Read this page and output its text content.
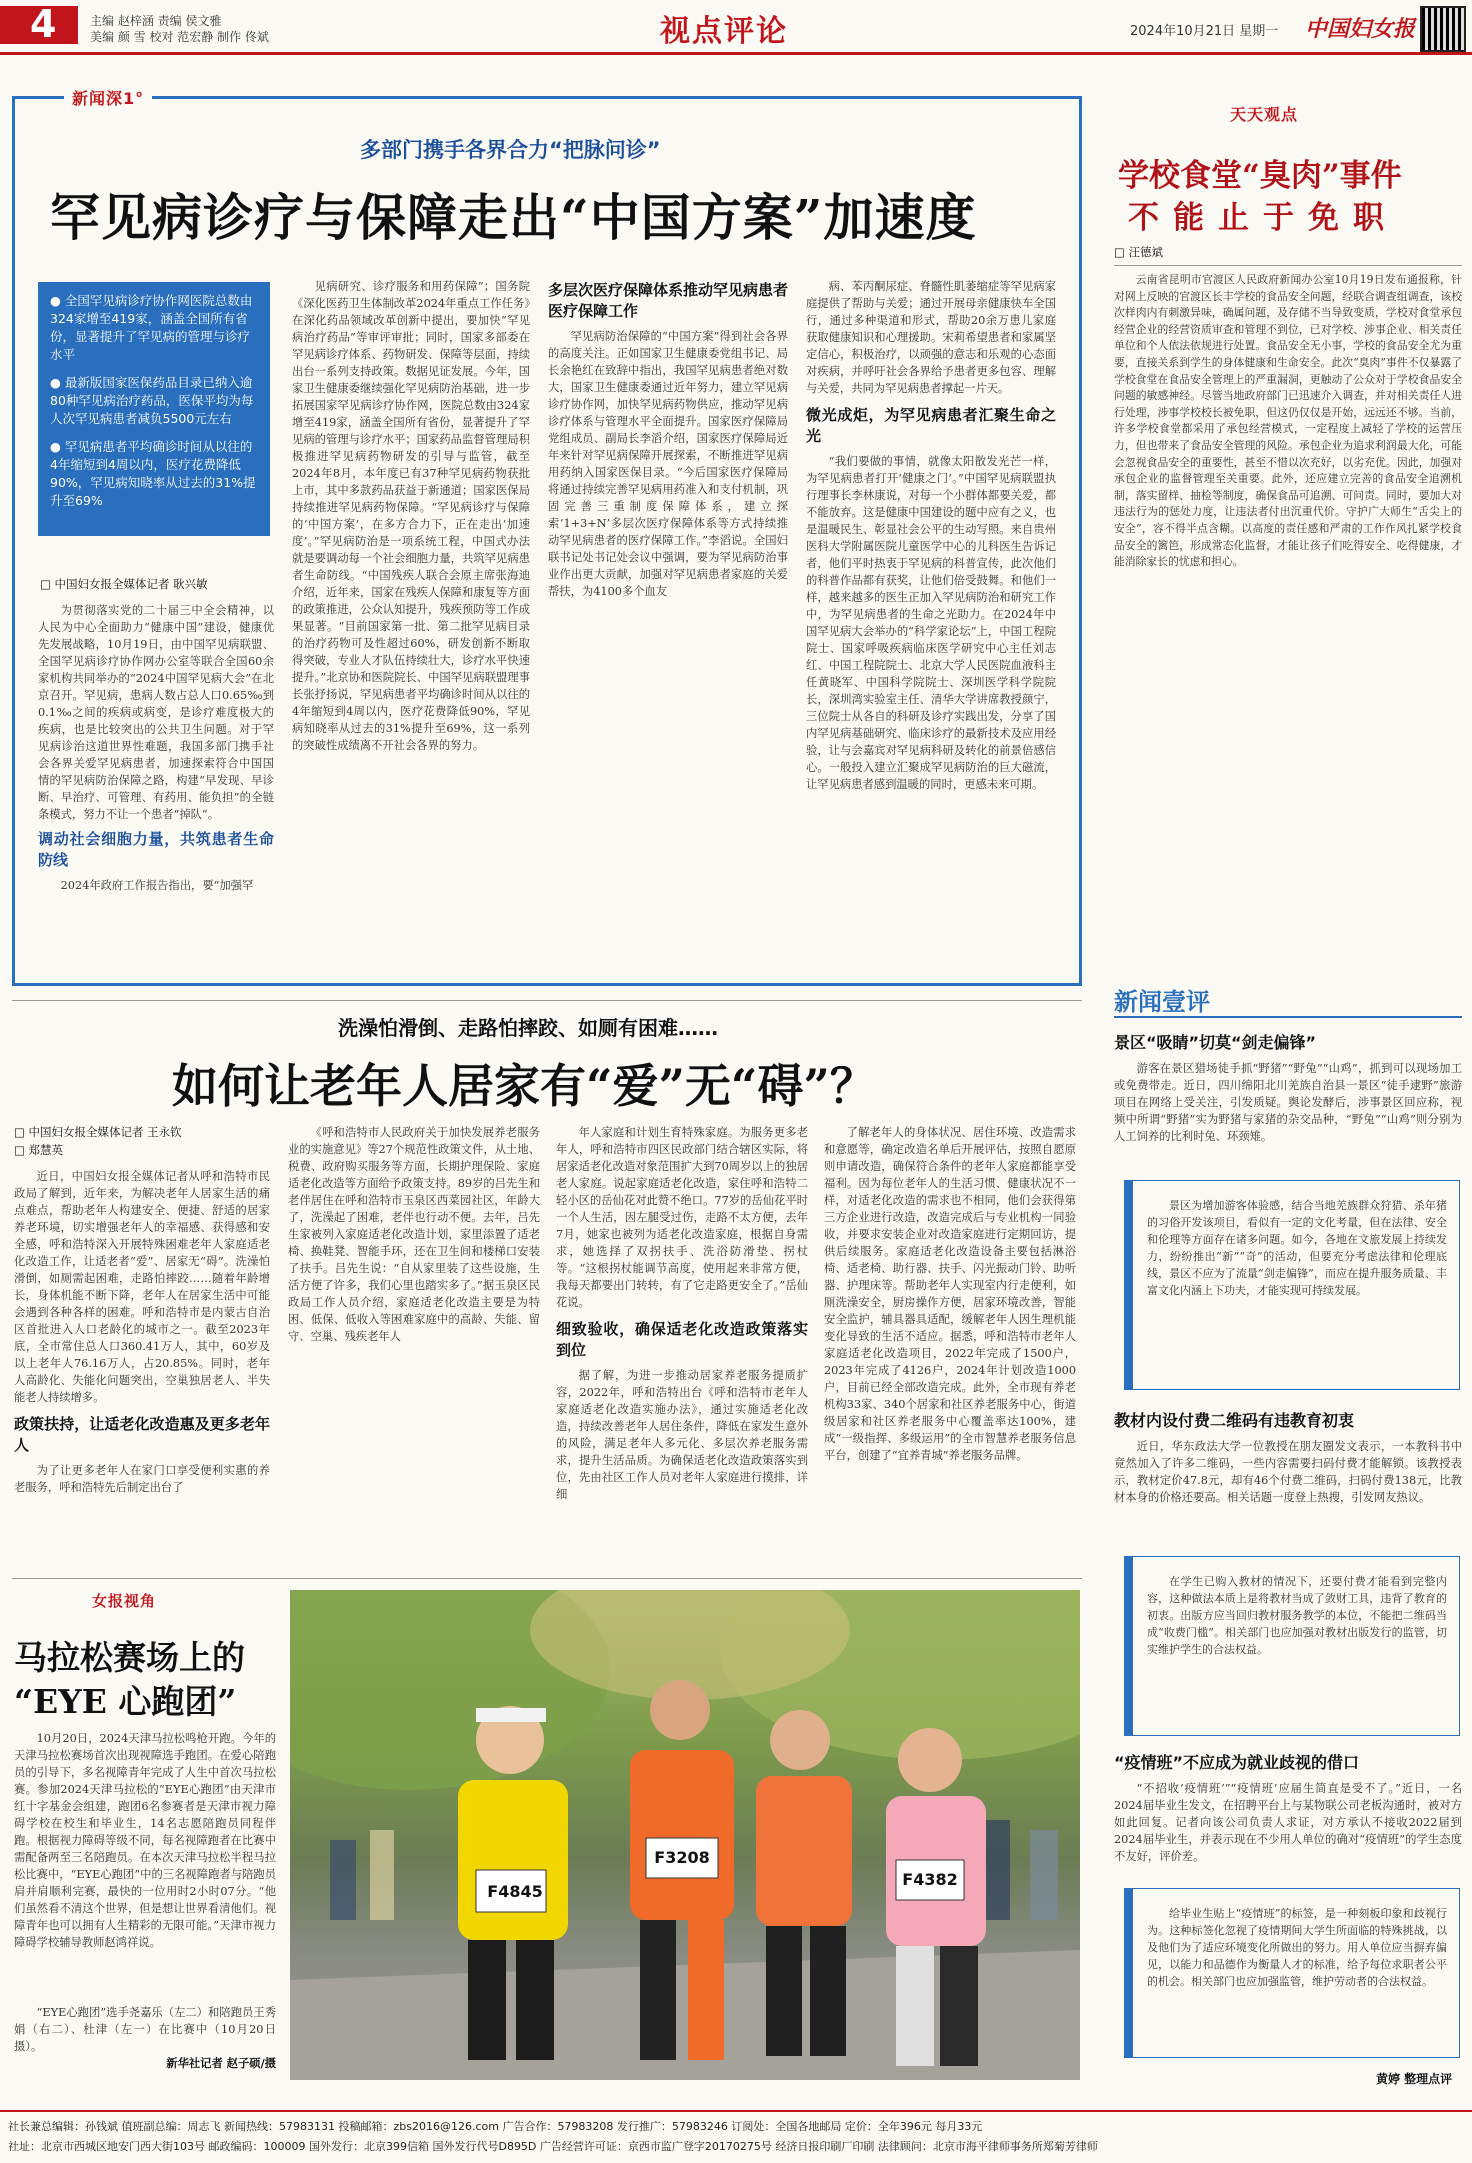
4	主编 赵梓涵 责编 侯文雅
美编 颜 雪 校对 范宏静 制作 佟斌	视点评论	2024年10月21日 星期一 中国妇女报
新闻深1°
多部门携手各界合力“把脉问诊”
罕见病诊疗与保障走出“中国方案”加速度
● 全国罕见病诊疗协作网医院总数由324家增至419家，涵盖全国所有省份，显著提升了罕见病的管理与诊疗水平
● 最新版国家医保药品目录已纳入逾80种罕见病治疗药品，医保平均为每人次罕见病患者减负5500元左右
● 罕见病患者平均确诊时间从以往的4年缩短到4周以内，医疗花费降低90%，罕见病知晓率从过去的31%提升至69%
□ 中国妇女报全媒体记者 耿兴敏

为贯彻落实党的二十届三中全会精神，以人民为中心全面助力“健康中国”建设，健康优先发展战略，10月19日，由中国罕见病联盟、全国罕见病诊疗协作网办公室等联合全国60余家机构共同举办的“2024中国罕见病大会”在北京召开。罕见病，患病人数占总人口0.65‰到0.1‰之间的疾病或病变，是诊疗难度极大的疾病，也是比较突出的公共卫生问题。对于罕见病诊治这道世界性难题，我国多部门携手社会各界关爱罕见病患者，加速探索符合中国国情的罕见病防治保障之路，构建“早发现、早诊断、早治疗、可管理、有药用、能负担”的全链条模式，努力不让一个患者“掉队”。

调动社会细胞力量，共筑患者生命防线

2024年政府工作报告指出，要“加强罕

见病研究、诊疗服务和用药保障”；国务院《深化医药卫生体制改革2024年重点工作任务》在深化药品领域改革创新中提出，要加快“罕见病治疗药品”等审评审批；同时，国家多部委在罕见病诊疗体系、药物研发、保障等层面，持续出台一系列支持政策。数据见证发展。今年，国家卫生健康委继续强化罕见病防治基础，进一步拓展国家罕见病诊疗协作网，医院总数由324家增至419家，涵盖全国所有省份，显著提升了罕见病的管理与诊疗水平；国家药品监督管理局积极推进罕见病药物研发的引导与监管，截至2024年8月，本年度已有37种罕见病药物获批上市，其中多款药品获益于新通道；国家医保局持续推进罕见病药物保障。“罕见病诊疗与保障的‘中国方案’，在多方合力下，正在走出‘加速度’。”罕见病防治是一项系统工程，中国式办法就是要调动每一个社会细胞力量，共筑罕见病患者生命防线。“中国残疾人联合会原主席张海迪介绍，近年来，国家在残疾人保障和康复等方面的政策推进，公众认知提升，残疾预防等工作成果显著。“目前国家第一批、第二批罕见病目录的治疗药物可及性超过60%，研发创新不断取得突破，专业人才队伍持续壮大，诊疗水平快速提升。”北京协和医院院长、中国罕见病联盟理事长张抒扬说，罕见病患者平均确诊时间从以往的4年缩短到4周以内，医疗花费降低90%，罕见病知晓率从过去的31%提升至69%，这一系列的突破性成绩离不开社会各界的努力。

多层次医疗保障体系推动罕见病患者医疗保障工作

罕见病防治保障的“中国方案”得到社会各界的高度关注。正如国家卫生健康委党组书记、局长余艳红在致辞中指出，我国罕见病患者绝对数大，国家卫生健康委通过近年努力，建立罕见病诊疗协作网，加快罕见病药物供应，推动罕见病诊疗体系与管理水平全面提升。国家医疗保障局党组成员、副局长李滔介绍，国家医疗保障局近年来针对罕见病保障开展探索，不断推进罕见病用药纳入国家医保目录。“今后国家医疗保障局将通过持续完善罕见病用药准入和支付机制，巩固完善三重制度保障体系，建立探索‘1+3+N’多层次医疗保障体系等方式持续推动罕见病患者的医疗保障工作。”李滔说。全国妇联书记处书记处会议中强调，要为罕见病防治事业作出更大贡献，加强对罕见病患者家庭的关爱帮扶，为4100多个血友

病、苯丙酮尿症、脊髓性肌萎缩症等罕见病家庭提供了帮助与关爱；通过开展母亲健康快车全国行，通过多种渠道和形式，帮助20余万患儿家庭获取健康知识和心理援助。宋莉希望患者和家属坚定信心，积极治疗，以顽强的意志和乐观的心态面对疾病，并呼吁社会各界给予患者更多包容、理解与关爱，共同为罕见病患者撑起一片天。

微光成炬，为罕见病患者汇聚生命之光

“我们要做的事情，就像太阳散发光芒一样，为罕见病患者打开‘健康之门’。”中国罕见病联盟执行理事长李林康说，对每一个小群体都要关爱，都不能放弃。这是健康中国建设的题中应有之义，也是温暖民生、彰显社会公平的生动写照。来自贵州医科大学附属医院儿童医学中心的儿科医生告诉记者，他们平时热衷于罕见病的科普宣传，此次他们的科普作品都有获奖，让他们倍受鼓舞。和他们一样，越来越多的医生正加入罕见病防治和研究工作中，为罕见病患者的生命之光助力。在2024年中国罕见病大会举办的“科学家论坛”上，中国工程院院士、国家呼吸疾病临床医学研究中心主任刘志红、中国工程院院士、北京大学人民医院血液科主任黄晓军、中国科学院院士、深圳医学科学院院长，深圳湾实验室主任、清华大学讲席教授颜宁，三位院士从各自的科研及诊疗实践出发，分享了国内罕见病基础研究、临床诊疗的最新技术及应用经验，让与会嘉宾对罕见病科研及转化的前景倍感信心。一般投入建立汇聚成罕见病防治的巨大磁流，让罕见病患者感到温暖的同时，更感未来可期。

天天观点
学校食堂“臭肉”事件
不能止于免职
□ 汪德斌

云南省昆明市官渡区人民政府新闻办公室10月19日发布通报称，针对网上反映的官渡区长丰学校的食品安全问题，经联合调查组调查，该校次样肉内有刺激异味，确属问题，及存储不当导致变质，学校对食堂承包经营企业的经营资质审查和管理不到位，已对学校、涉事企业、相关责任单位和个人依法依规进行处置。食品安全无小事，学校的食品安全尤为重要，直接关系到学生的身体健康和生命安全。此次“臭肉”事件不仅暴露了学校食堂在食品安全管理上的严重漏洞，更触动了公众对于学校食品安全问题的敏感神经。尽管当地政府部门已迅速介入调查，并对相关责任人进行处理，涉事学校校长被免职，但这仍仅仅是开始，远远还不够。当前，许多学校食堂都采用了承包经营模式，一定程度上减轻了学校的运营压力，但也带来了食品安全管理的风险。承包企业为追求利润最大化，可能会忽视食品安全的重要性，甚至不惜以次充好，以劣充优。因此，加强对承包企业的监督管理至关重要。此外，还应建立完善的食品安全追溯机制，落实留样、抽检等制度，确保食品可追溯、可问责。同时，要加大对违法行为的惩处力度，让违法者付出沉重代价。守护广大师生“舌尖上的安全”，容不得半点含糊。以高度的责任感和严肃的工作作风扎紧学校食品安全的篱笆，形成常态化监督，才能让孩子们吃得安全、吃得健康，才能消除家长的忧虑和担心。

新闻壹评
景区“吸睛”切莫“剑走偏锋”

游客在景区猎场徒手抓“野猪”“野兔”“山鸡”，抓到可以现场加工或免费带走。近日，四川绵阳北川羌族自治县一景区“徒手逮野”旅游项目在网络上受关注，引发质疑。舆论发酵后，涉事景区回应称，视频中所谓“野猪”实为野猪与家猪的杂交品种，“野兔”“山鸡”则分别为人工饲养的比利时兔、环颈雉。

景区为增加游客体验感，结合当地羌族群众狩猎、杀年猪的习俗开发该项目，看似有一定的文化考量，但在法律、安全和伦理等方面存在诸多问题。如今，各地在文旅发展上持续发力，纷纷推出“新”“奇”的活动，但要充分考虑法律和伦理底线，景区不应为了流量“剑走偏锋”，而应在提升服务质量、丰富文化内涵上下功夫，才能实现可持续发展。

教材内设付费二维码有违教育初衷

近日，华东政法大学一位教授在朋友圈发文表示，一本教科书中竟然加入了许多二维码，一些内容需要扫码付费才能解锁。该教授表示，教材定价47.8元，却有46个付费二维码，扫码付费138元，比教材本身的价格还要高。相关话题一度登上热搜，引发网友热议。

在学生已购入教材的情况下，还要付费才能看到完整内容，这种做法本质上是将教材当成了敛财工具，违背了教育的初衷。出版方应当回归教材服务教学的本位，不能把二维码当成“收费门槛”。相关部门也应加强对教材出版发行的监管，切实维护学生的合法权益。

“疫情班”不应成为就业歧视的借口

“不招收‘疫情班’”“疫情班’应届生简直是受不了。”近日，一名2024届毕业生发文，在招聘平台上与某物联公司老板沟通时，被对方如此回复。记者向该公司负责人求证，对方承认不接收2022届到2024届毕业生，并表示现在不少用人单位的确对“疫情班”的学生态度不友好，评价差。

给毕业生贴上“疫情班”的标签，是一种刻板印象和歧视行为。这种标签化忽视了疫情期间大学生所面临的特殊挑战，以及他们为了适应环境变化所做出的努力。用人单位应当摒弃偏见，以能力和品德作为衡量人才的标准，给予每位求职者公平的机会。相关部门也应加强监管，维护劳动者的合法权益。

黄婷 整理点评
洗澡怕滑倒、走路怕摔跤、如厕有困难……
如何让老年人居家有“爱”无“碍”？
□ 中国妇女报全媒体记者 王永钦
□ 郑慧英

近日，中国妇女报全媒体记者从呼和浩特市民政局了解到，近年来，为解决老年人居家生活的痛点难点，帮助老年人构建安全、便捷、舒适的居家养老环境，切实增强老年人的幸福感、获得感和安全感，呼和浩特深入开展特殊困难老年人家庭适老化改造工作，让适老者“爱”、居家无“碍”。洗澡怕滑倒，如厕需起困难，走路怕摔跤……随着年龄增长，身体机能不断下降，老年人在居家生活中可能会遇到各种各样的困难。呼和浩特市是内蒙古自治区首批进入人口老龄化的城市之一。截至2023年底，全市常住总人口360.41万人，其中，60岁及以上老年人76.16万人，占20.85%。同时，老年人高龄化、失能化问题突出，空巢独居老人、半失能老人持续增多。

政策扶持，让适老化改造惠及更多老年人

为了让更多老年人在家门口享受便利实惠的养老服务，呼和浩特先后制定出台了

《呼和浩特市人民政府关于加快发展养老服务业的实施意见》等27个规范性政策文件，从土地、税费、政府购买服务等方面，长期护理保险、家庭适老化改造等方面给予政策支持。89岁的吕先生和老伴居住在呼和浩特市玉泉区西菜园社区，年龄大了，洗澡起了困难，老伴也行动不便。去年，吕先生家被列入家庭适老化改造计划，家里添置了适老椅、换鞋凳、智能手环，还在卫生间和楼梯口安装了扶手。吕先生说：“自从家里装了这些设施，生活方便了许多，我们心里也踏实多了。”据玉泉区民政局工作人员介绍，家庭适老化改造主要是为特困、低保、低收入等困难家庭中的高龄、失能、留守、空巢、残疾老年人

年人家庭和计划生育特殊家庭。为服务更多老年人，呼和浩特市四区民政部门结合辖区实际，将居家适老化改造对象范围扩大到70周岁以上的独居老人家庭。说起家庭适老化改造，家住呼和浩特二轻小区的岳仙花对此赞不绝口。77岁的岳仙花平时一个人生活，因左腿受过伤，走路不太方便，去年7月，她家也被列为适老化改造家庭，根据自身需求，她选择了双拐扶手、洗浴防滑垫、拐杖等。“这根拐杖能调节高度，使用起来非常方便，我每天都要出门转转，有了它走路更安全了。”岳仙花说。

细致验收，确保适老化改造政策落实到位

据了解，为进一步推动居家养老服务提质扩容，2022年，呼和浩特出台《呼和浩特市老年人家庭适老化改造实施办法》，通过实施适老化改造，持续改善老年人居住条件，降低在家发生意外的风险，满足老年人多元化、多层次养老服务需求，提升生活品质。为确保适老化改造政策落实到位，先由社区工作人员对老年人家庭进行摸排，详细

了解老年人的身体状况、居住环境、改造需求和意愿等，确定改造名单后开展评估，按照自愿原则申请改造，确保符合条件的老年人家庭都能享受福利。因为每位老年人的生活习惯、健康状况不一样，对适老化改造的需求也不相同，他们会获得第三方企业进行改造，改造完成后与专业机构一同验收，并要求安装企业对改造家庭进行定期回访，提供后续服务。家庭适老化改造设备主要包括淋浴椅、适老椅、助行器、扶手、闪光振动门铃、助听器、护理床等。帮助老年人实现室内行走便利，如厕洗澡安全，厨房操作方便，居家环境改善，智能安全监护，辅具器具适配，缓解老年人因生理机能变化导致的生活不适应。据悉，呼和浩特市老年人家庭适老化改造项目，2022年完成了1500户，2023年完成了4126户，2024年计划改造1000户，目前已经全部改造完成。此外，全市现有养老机构33家、340个居家和社区养老服务中心，街道级居家和社区养老服务中心覆盖率达100%，建成“一级指挥、多级运用”的全市智慧养老服务信息平台，创建了“宜养青城”养老服务品牌。

女报视角
马拉松赛场上的
“EYE 心跑团”

10月20日，2024天津马拉松鸣枪开跑。今年的天津马拉松赛场首次出现视障选手跑团。在爱心陪跑员的引导下，多名视障青年完成了人生中首次马拉松赛。参加2024天津马拉松的“EYE心跑团”由天津市红十字基金会组建，跑团6名参赛者是天津市视力障碍学校在校生和毕业生，14名志愿陪跑员同程伴跑。根据视力障碍等级不同，每名视障跑者在比赛中需配备两至三名陪跑员。在本次天津马拉松半程马拉松比赛中，“EYE心跑团”中的三名视障跑者与陪跑员肩并肩顺利完赛，最快的一位用时2小时07分。“他们虽然看不清这个世界，但是想让世界看清他们。视障青年也可以拥有人生精彩的无限可能。”天津市视力障碍学校辅导教师赵鸿祥说。

“EYE心跑团”选手尧嘉乐（左二）和陪跑员王秀娟（右二）、杜津（左一）在比赛中（10月20日摄）。

新华社记者 赵子硕/摄
F4845
F3208
F4382
社长兼总编辑：孙钱斌 值班副总编：周志飞 新闻热线：57983131 投稿邮箱：zbs2016@126.com 广告合作：57983208 发行推广：57983246 订阅处：全国各地邮局 定价：全年396元 每月33元
社址：北京市西城区地安门西大街103号 邮政编码：100009 国外发行：北京399信箱 国外发行代号D895D 广告经营许可证：京西市监广登字20170275号 经济日报印刷厂印刷 法律顾问：北京市海平律师事务所郑菊芳律师
